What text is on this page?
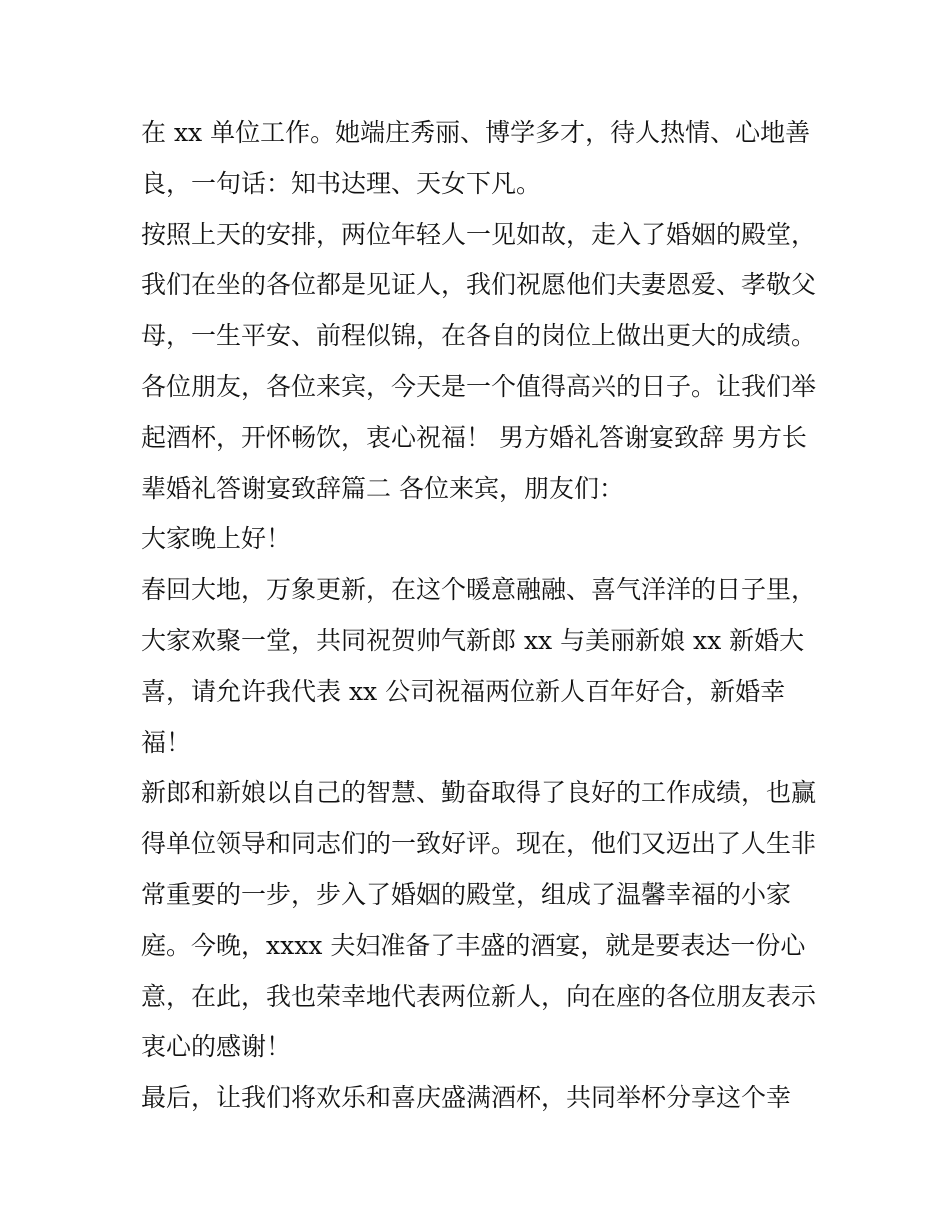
在 xx 单位工作。她端庄秀丽、博学多才，待人热情、心地善
良，一句话：知书达理、天女下凡。
按照上天的安排，两位年轻人一见如故，走入了婚姻的殿堂，
我们在坐的各位都是见证人，我们祝愿他们夫妻恩爱、孝敬父
母，一生平安、前程似锦，在各自的岗位上做出更大的成绩。
各位朋友，各位来宾，今天是一个值得高兴的日子。让我们举
起酒杯，开怀畅饮，衷心祝福！ 男方婚礼答谢宴致辞 男方长
辈婚礼答谢宴致辞篇二 各位来宾，朋友们：
大家晚上好！
春回大地，万象更新，在这个暖意融融、喜气洋洋的日子里，
大家欢聚一堂，共同祝贺帅气新郎 xx 与美丽新娘 xx 新婚大
喜，请允许我代表 xx 公司祝福两位新人百年好合，新婚幸
福！
新郎和新娘以自己的智慧、勤奋取得了良好的工作成绩，也赢
得单位领导和同志们的一致好评。现在，他们又迈出了人生非
常重要的一步，步入了婚姻的殿堂，组成了温馨幸福的小家
庭。今晚，xxxx 夫妇准备了丰盛的酒宴，就是要表达一份心
意，在此，我也荣幸地代表两位新人，向在座的各位朋友表示
衷心的感谢！
最后，让我们将欢乐和喜庆盛满酒杯，共同举杯分享这个幸
